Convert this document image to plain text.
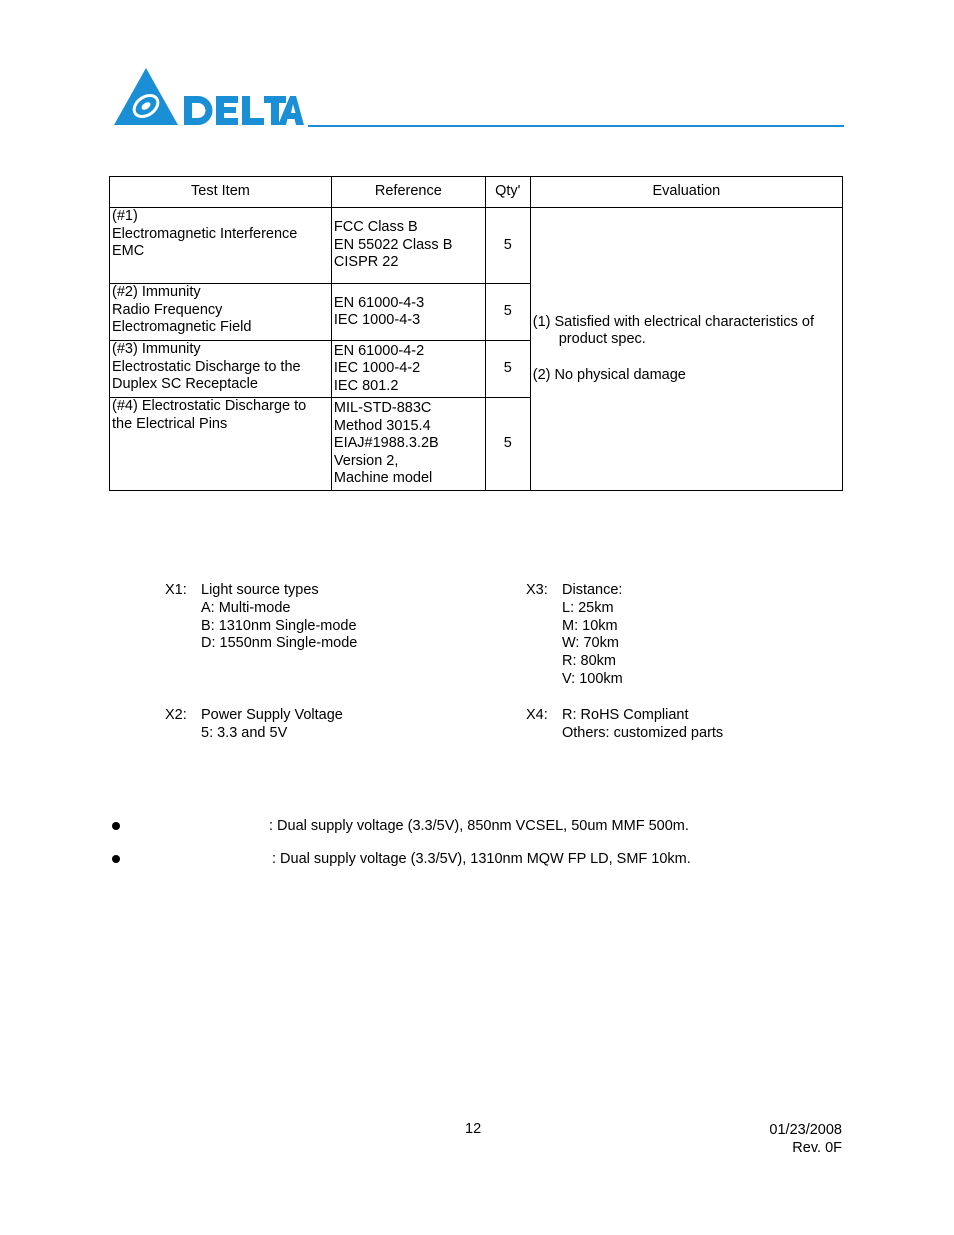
Test Item	Reference	Qty'	Evaluation

(#1)
Electromagnetic Interference
EMC	FCC Class B
EN 55022 Class B
CISPR 22	5	(1) Satisfied with electrical characteristics of
product spec.
(2) No physical damage

(#2) Immunity
Radio Frequency
Electromagnetic Field	EN 61000-4-3
IEC 1000-4-3	5	

(#3) Immunity
Electrostatic Discharge to the
Duplex SC Receptacle	EN 61000-4-2
IEC 1000-4-2
IEC 801.2	5	

(#4) Electrostatic Discharge to
the Electrical Pins	MIL-STD-883C
Method 3015.4
EIAJ#1988.3.2B
Version 2,
Machine model	5	
X1: Light source types
A: Multi-mode
B: 1310nm Single-mode
D: 1550nm Single-mode
X2: Power Supply Voltage
5: 3.3 and 5V
X3: Distance:
L: 25km
M: 10km
W: 70km
R: 80km
V: 100km
X4: R: RoHS Compliant
Others: customized parts
: Dual supply voltage (3.3/5V), 850nm VCSEL, 50um MMF 500m.
: Dual supply voltage (3.3/5V), 1310nm MQW FP LD, SMF 10km.
12	01/23/2008
Rev. 0F
